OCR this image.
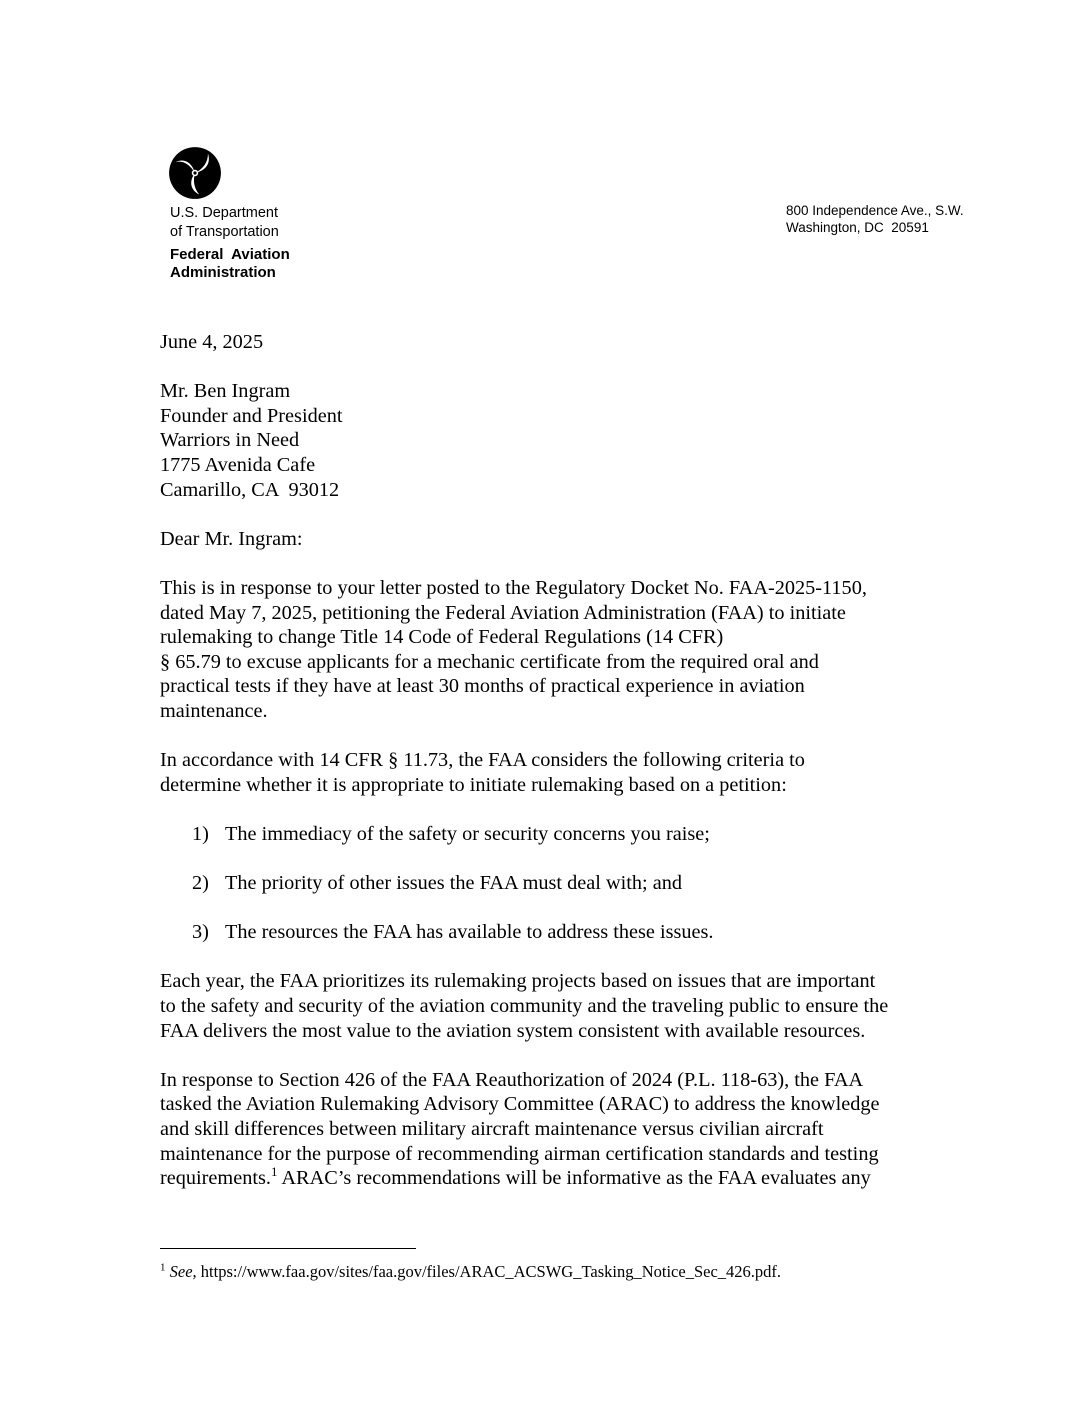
U.S. Department
of Transportation
Federal  Aviation
Administration
800 Independence Ave., S.W.
Washington, DC  20591

June 4, 2025

Mr. Ben Ingram
Founder and President
Warriors in Need
1775 Avenida Cafe
Camarillo, CA  93012

Dear Mr. Ingram:

This is in response to your letter posted to the Regulatory Docket No. FAA-2025-1150,
dated May 7, 2025, petitioning the Federal Aviation Administration (FAA) to initiate
rulemaking to change Title 14 Code of Federal Regulations (14 CFR)
§ 65.79 to excuse applicants for a mechanic certificate from the required oral and
practical tests if they have at least 30 months of practical experience in aviation
maintenance.

In accordance with 14 CFR § 11.73, the FAA considers the following criteria to
determine whether it is appropriate to initiate rulemaking based on a petition:

1) The immediacy of the safety or security concerns you raise;
2) The priority of other issues the FAA must deal with; and
3) The resources the FAA has available to address these issues.

Each year, the FAA prioritizes its rulemaking projects based on issues that are important
to the safety and security of the aviation community and the traveling public to ensure the
FAA delivers the most value to the aviation system consistent with available resources.

In response to Section 426 of the FAA Reauthorization of 2024 (P.L. 118-63), the FAA
tasked the Aviation Rulemaking Advisory Committee (ARAC) to address the knowledge
and skill differences between military aircraft maintenance versus civilian aircraft
maintenance for the purpose of recommending airman certification standards and testing
requirements.$^1$ ARAC’s recommendations will be informative as the FAA evaluates any

$^1$ See, https://www.faa.gov/sites/faa.gov/files/ARAC_ACSWG_Tasking_Notice_Sec_426.pdf.
